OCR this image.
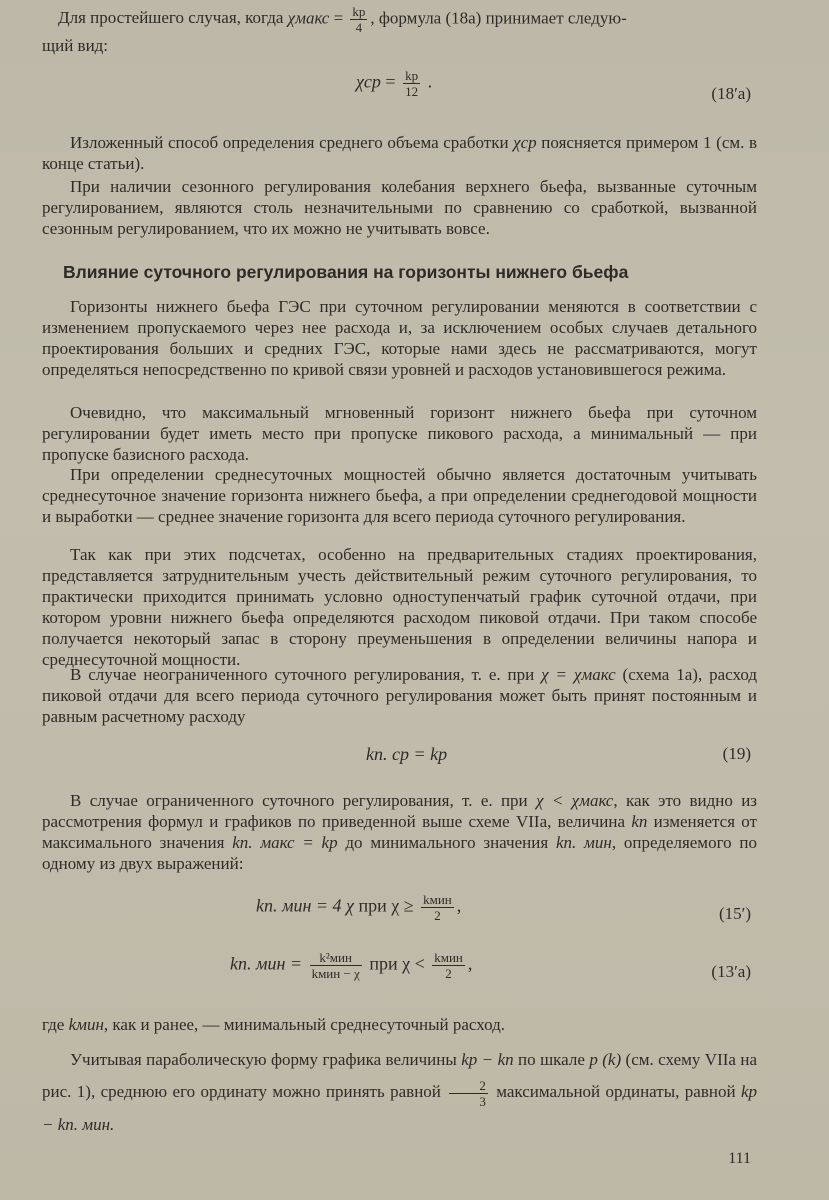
Для простейшего случая, когда χмакс = $\frac{kр}{4}$ , формула (18а) принимает следую-
щий вид:

$\chi ср = \frac{kр}{12}$ .
(18′а)

Изложенный способ определения среднего объема сработки χср поясняется примером 1 (см. в конце статьи).

При наличии сезонного регулирования колебания верхнего бьефа, вызванные суточным регулированием, являются столь незначительными по сравнению со сработкой, вызванной сезонным регулированием, что их можно не учитывать вовсе.

Влияние суточного регулирования на горизонты нижнего бьефа

Горизонты нижнего бьефа ГЭС при суточном регулировании меняются в соответствии с изменением пропускаемого через нее расхода и, за исключением особых случаев детального проектирования больших и средних ГЭС, которые нами здесь не рассматриваются, могут определяться непосредственно по кривой связи уровней и расходов установившегося режима.

Очевидно, что максимальный мгновенный горизонт нижнего бьефа при суточном регулировании будет иметь место при пропуске пикового расхода, а минимальный — при пропуске базисного расхода.

При определении среднесуточных мощностей обычно является достаточным учитывать среднесуточное значение горизонта нижнего бьефа, а при определении среднегодовой мощности и выработки — среднее значение горизонта для всего периода суточного регулирования.

Так как при этих подсчетах, особенно на предварительных стадиях проектирования, представляется затруднительным учесть действительный режим суточного регулирования, то практически приходится принимать условно одноступенчатый график суточной отдачи, при котором уровни нижнего бьефа определяются расходом пиковой отдачи. При таком способе получается некоторый запас в сторону преуменьшения в определении величины напора и среднесуточной мощности.

В случае неограниченного суточного регулирования, т. е. при χ = χмакс (схема 1а), расход пиковой отдачи для всего периода суточного регулирования может быть принят постоянным и равным расчетному расходу

kп. ср = kр	(19)

В случае ограниченного суточного регулирования, т. е. при χ < χмакс, как это видно из рассмотрения формул и графиков по приведенной выше схеме VIIа, величина kп изменяется от максимального значения kп. макс = kр до минимального значения kп. мин, определяемого по одному из двух выражений:

kп. мин = 4 χ при $\chi \ge \frac{\text{kмин}}{2}$ ,	(15′)
kп. мин = $\frac{\text{k²мин}}{\text{kмин − χ}}$ при $\chi < \frac{\text{kмин}}{2}$ ,	(13′а)

где kмин, как и ранее, — минимальный среднесуточный расход.

Учитывая параболическую форму графика величины kр − kп по шкале p (k) (см. схему VIIа на рис. 1), среднюю его ординату можно принять равной $\frac{2}{3}$ максимальной ординаты, равной kр − kп. мин.

111
